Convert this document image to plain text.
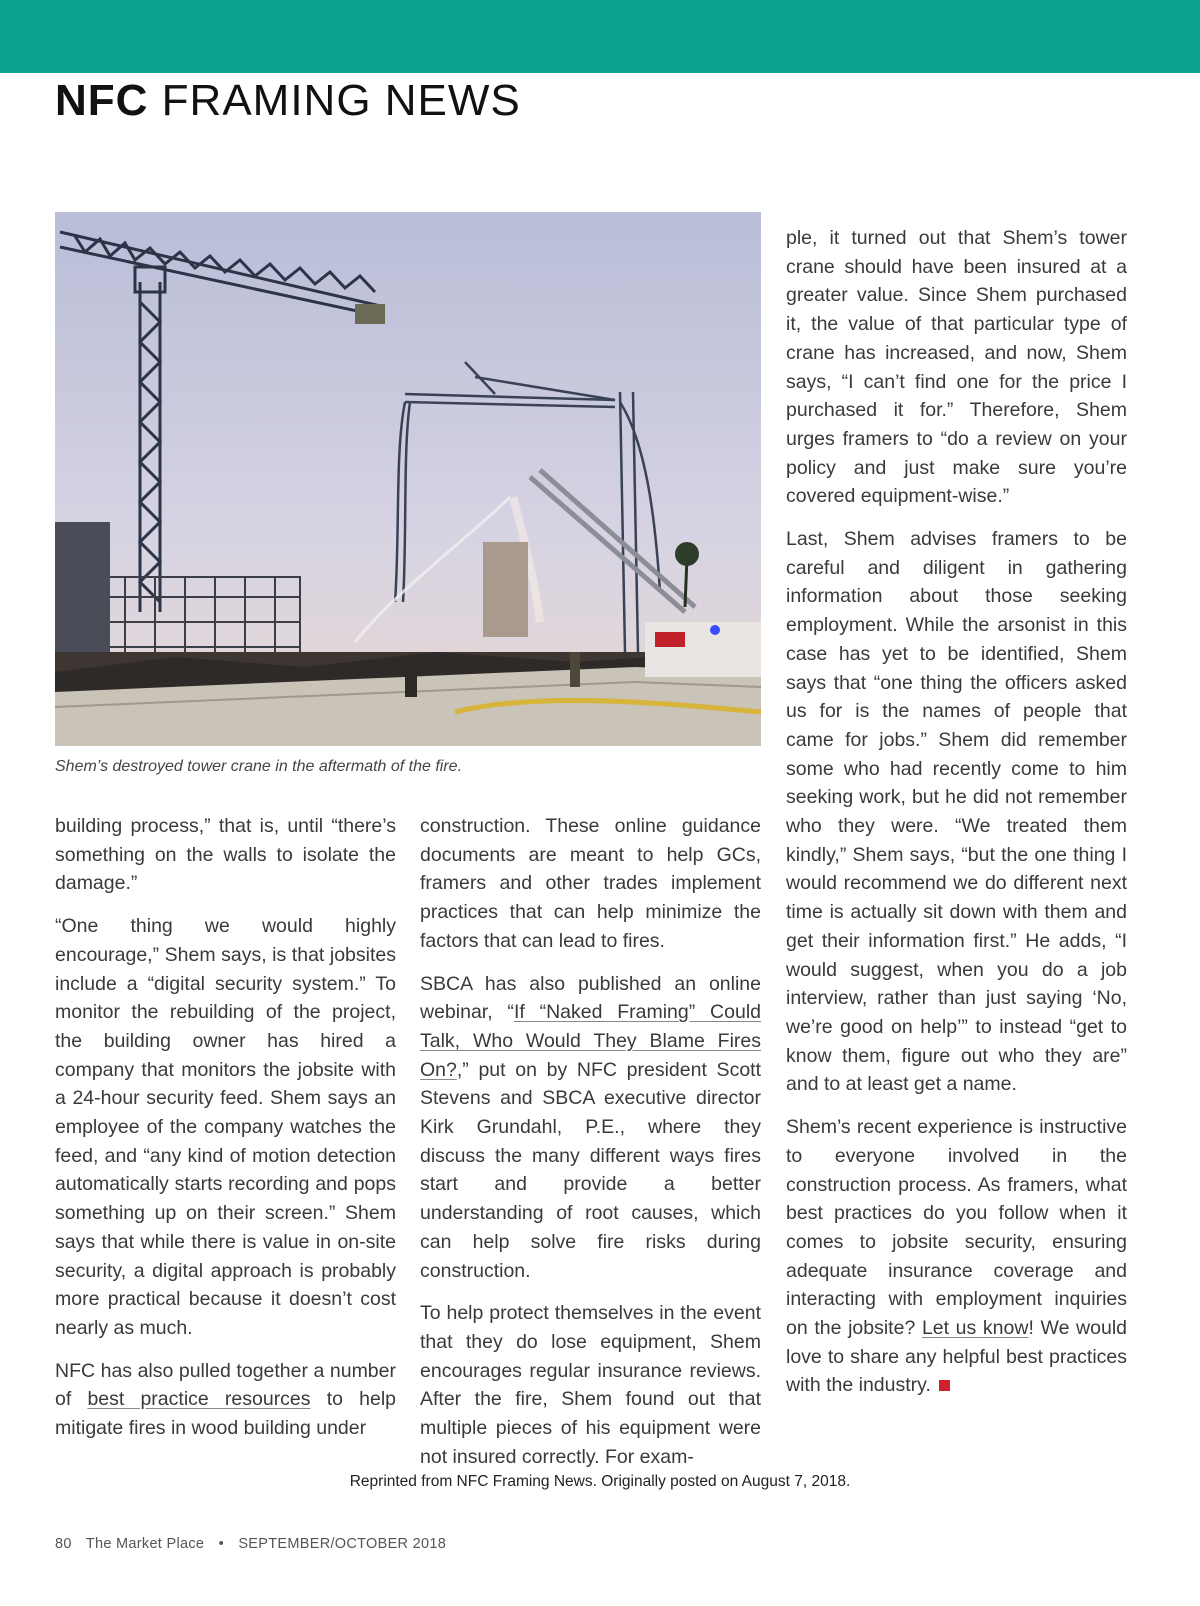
NFC FRAMING NEWS
Shem’s destroyed tower crane in the aftermath of the fire.

building process,” that is, until “there’s something on the walls to isolate the damage.”

“One thing we would highly encourage,” Shem says, is that jobsites include a “digital security system.” To monitor the rebuilding of the project, the building owner has hired a company that monitors the jobsite with a 24-hour security feed. Shem says an employee of the company watches the feed, and “any kind of motion detection automatically starts recording and pops something up on their screen.” Shem says that while there is value in on-site security, a digital approach is probably more practical because it doesn’t cost nearly as much.

NFC has also pulled together a number of best practice resources to help mitigate fires in wood building under

construction. These online guidance documents are meant to help GCs, framers and other trades implement practices that can help minimize the factors that can lead to fires.

SBCA has also published an online webinar, “If “Naked Framing” Could Talk, Who Would They Blame Fires On?,” put on by NFC president Scott Stevens and SBCA executive director Kirk Grundahl, P.E., where they discuss the many different ways fires start and provide a better understanding of root causes, which can help solve fire risks during construction.

To help protect themselves in the event that they do lose equipment, Shem encourages regular insurance reviews. After the fire, Shem found out that multiple pieces of his equipment were not insured correctly. For exam-

ple, it turned out that Shem’s tower crane should have been insured at a greater value. Since Shem purchased it, the value of that particular type of crane has increased, and now, Shem says, “I can’t find one for the price I purchased it for.” Therefore, Shem urges framers to “do a review on your policy and just make sure you’re covered equipment-wise.”

Last, Shem advises framers to be careful and diligent in gathering information about those seeking employment. While the arsonist in this case has yet to be identified, Shem says that “one thing the officers asked us for is the names of people that came for jobs.” Shem did remember some who had recently come to him seeking work, but he did not remember who they were. “We treated them kindly,” Shem says, “but the one thing I would recommend we do different next time is actually sit down with them and get their information first.” He adds, “I would suggest, when you do a job interview, rather than just saying ‘No, we’re good on help’” to instead “get to know them, figure out who they are” and to at least get a name.

Shem’s recent experience is instructive to everyone involved in the construction process. As framers, what best practices do you follow when it comes to jobsite security, ensuring adequate insurance coverage and interacting with employment inquiries on the jobsite? Let us know! We would love to share any helpful best practices with the industry.

Reprinted from NFC Framing News. Originally posted on August 7, 2018.
80 The Market Place • SEPTEMBER/OCTOBER 2018
